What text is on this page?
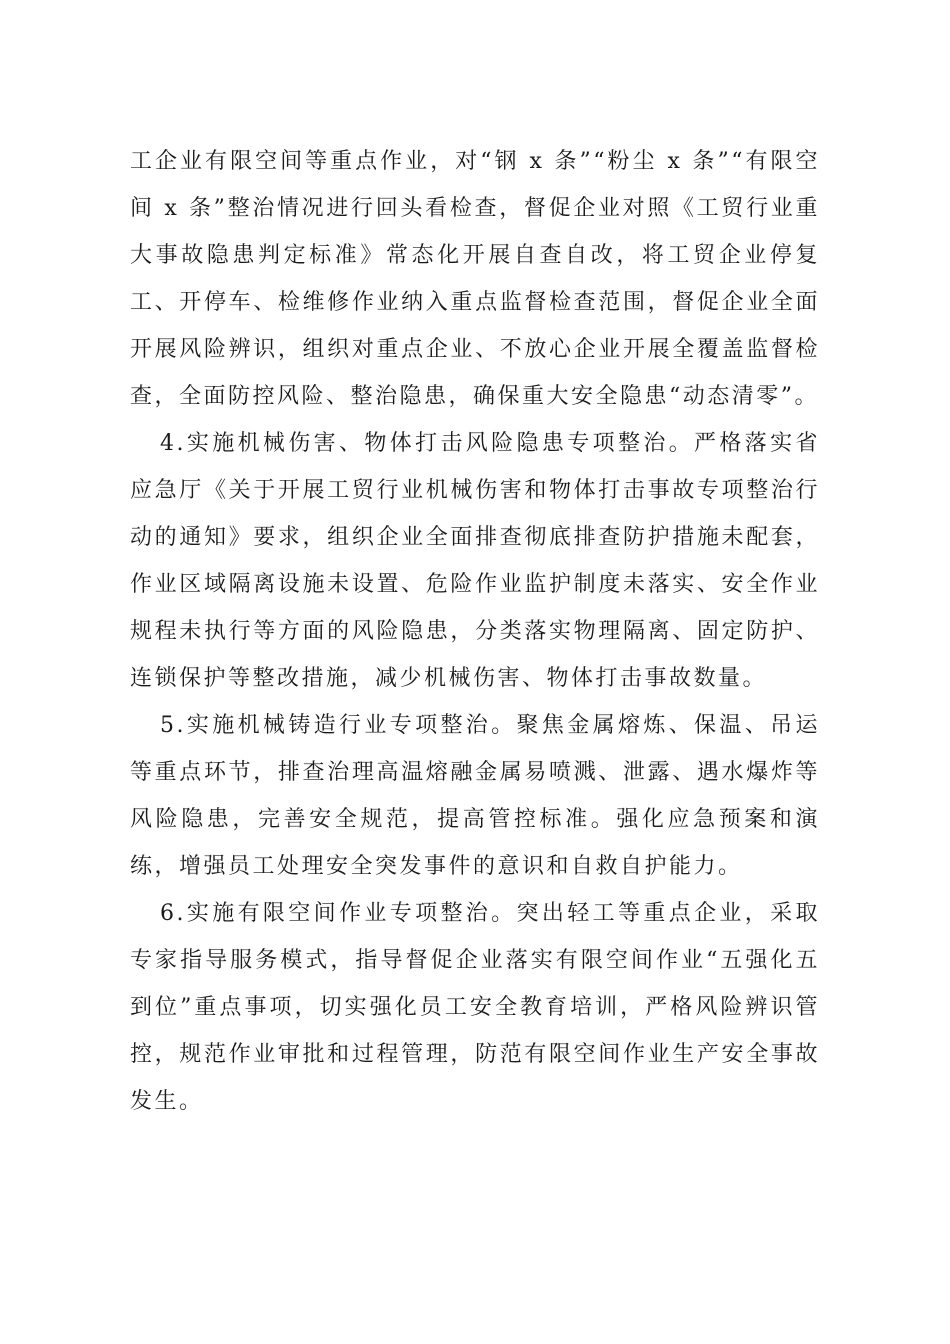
工企业有限空间等重点作业，对“钢 x 条”“粉尘 x 条”“有限空间 x 条”整治情况进行回头看检查，督促企业对照《工贸行业重大事故隐患判定标准》常态化开展自查自改，将工贸企业停复工、开停车、检维修作业纳入重点监督检查范围，督促企业全面开展风险辨识，组织对重点企业、不放心企业开展全覆盖监督检查，全面防控风险、整治隐患，确保重大安全隐患“动态清零”。

4.实施机械伤害、物体打击风险隐患专项整治。严格落实省应急厅《关于开展工贸行业机械伤害和物体打击事故专项整治行动的通知》要求，组织企业全面排查彻底排查防护措施未配套，作业区域隔离设施未设置、危险作业监护制度未落实、安全作业规程未执行等方面的风险隐患，分类落实物理隔离、固定防护、连锁保护等整改措施，减少机械伤害、物体打击事故数量。

5.实施机械铸造行业专项整治。聚焦金属熔炼、保温、吊运等重点环节，排查治理高温熔融金属易喷溅、泄露、遇水爆炸等风险隐患，完善安全规范，提高管控标准。强化应急预案和演练，增强员工处理安全突发事件的意识和自救自护能力。

6.实施有限空间作业专项整治。突出轻工等重点企业，采取专家指导服务模式，指导督促企业落实有限空间作业“五强化五到位”重点事项，切实强化员工安全教育培训，严格风险辨识管控，规范作业审批和过程管理，防范有限空间作业生产安全事故发生。
